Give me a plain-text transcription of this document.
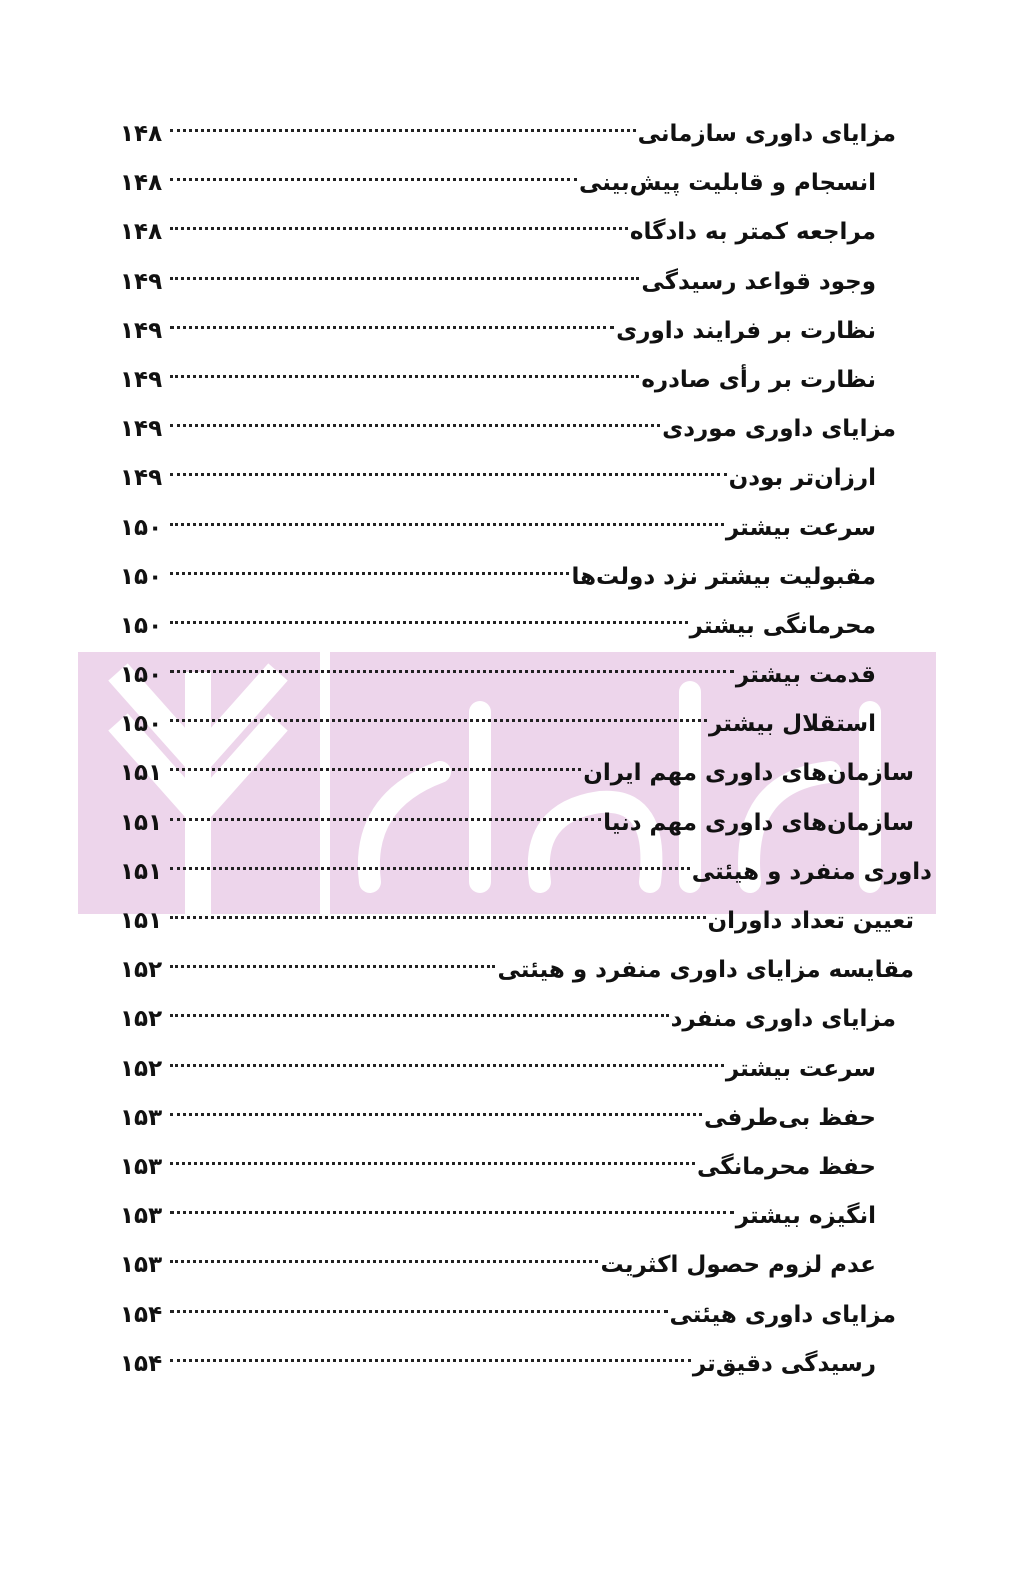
مزایای داوری سازمانی
۱۴۸
انسجام و قابلیت پیش‌بینی
۱۴۸
مراجعه کمتر به دادگاه
۱۴۸
وجود قواعد رسیدگی
۱۴۹
نظارت بر فرایند داوری
۱۴۹
نظارت بر رأی صادره
۱۴۹
مزایای داوری موردی
۱۴۹
ارزان‌تر بودن
۱۴۹
سرعت بیشتر
۱۵۰
مقبولیت بیشتر نزد دولت‌ها
۱۵۰
محرمانگی بیشتر
۱۵۰
قدمت بیشتر
۱۵۰
استقلال بیشتر
۱۵۰
سازمان‌های داوری مهم ایران
۱۵۱
سازمان‌های داوری مهم دنیا
۱۵۱
داوری منفرد و هیئتی
۱۵۱
تعیین تعداد داوران
۱۵۱
مقایسه مزایای داوری منفرد و هیئتی
۱۵۲
مزایای داوری منفرد
۱۵۲
سرعت بیشتر
۱۵۲
حفظ بی‌طرفی
۱۵۳
حفظ محرمانگی
۱۵۳
انگیزه بیشتر
۱۵۳
عدم لزوم حصول اکثریت
۱۵۳
مزایای داوری هیئتی
۱۵۴
رسیدگی دقیق‌تر
۱۵۴
